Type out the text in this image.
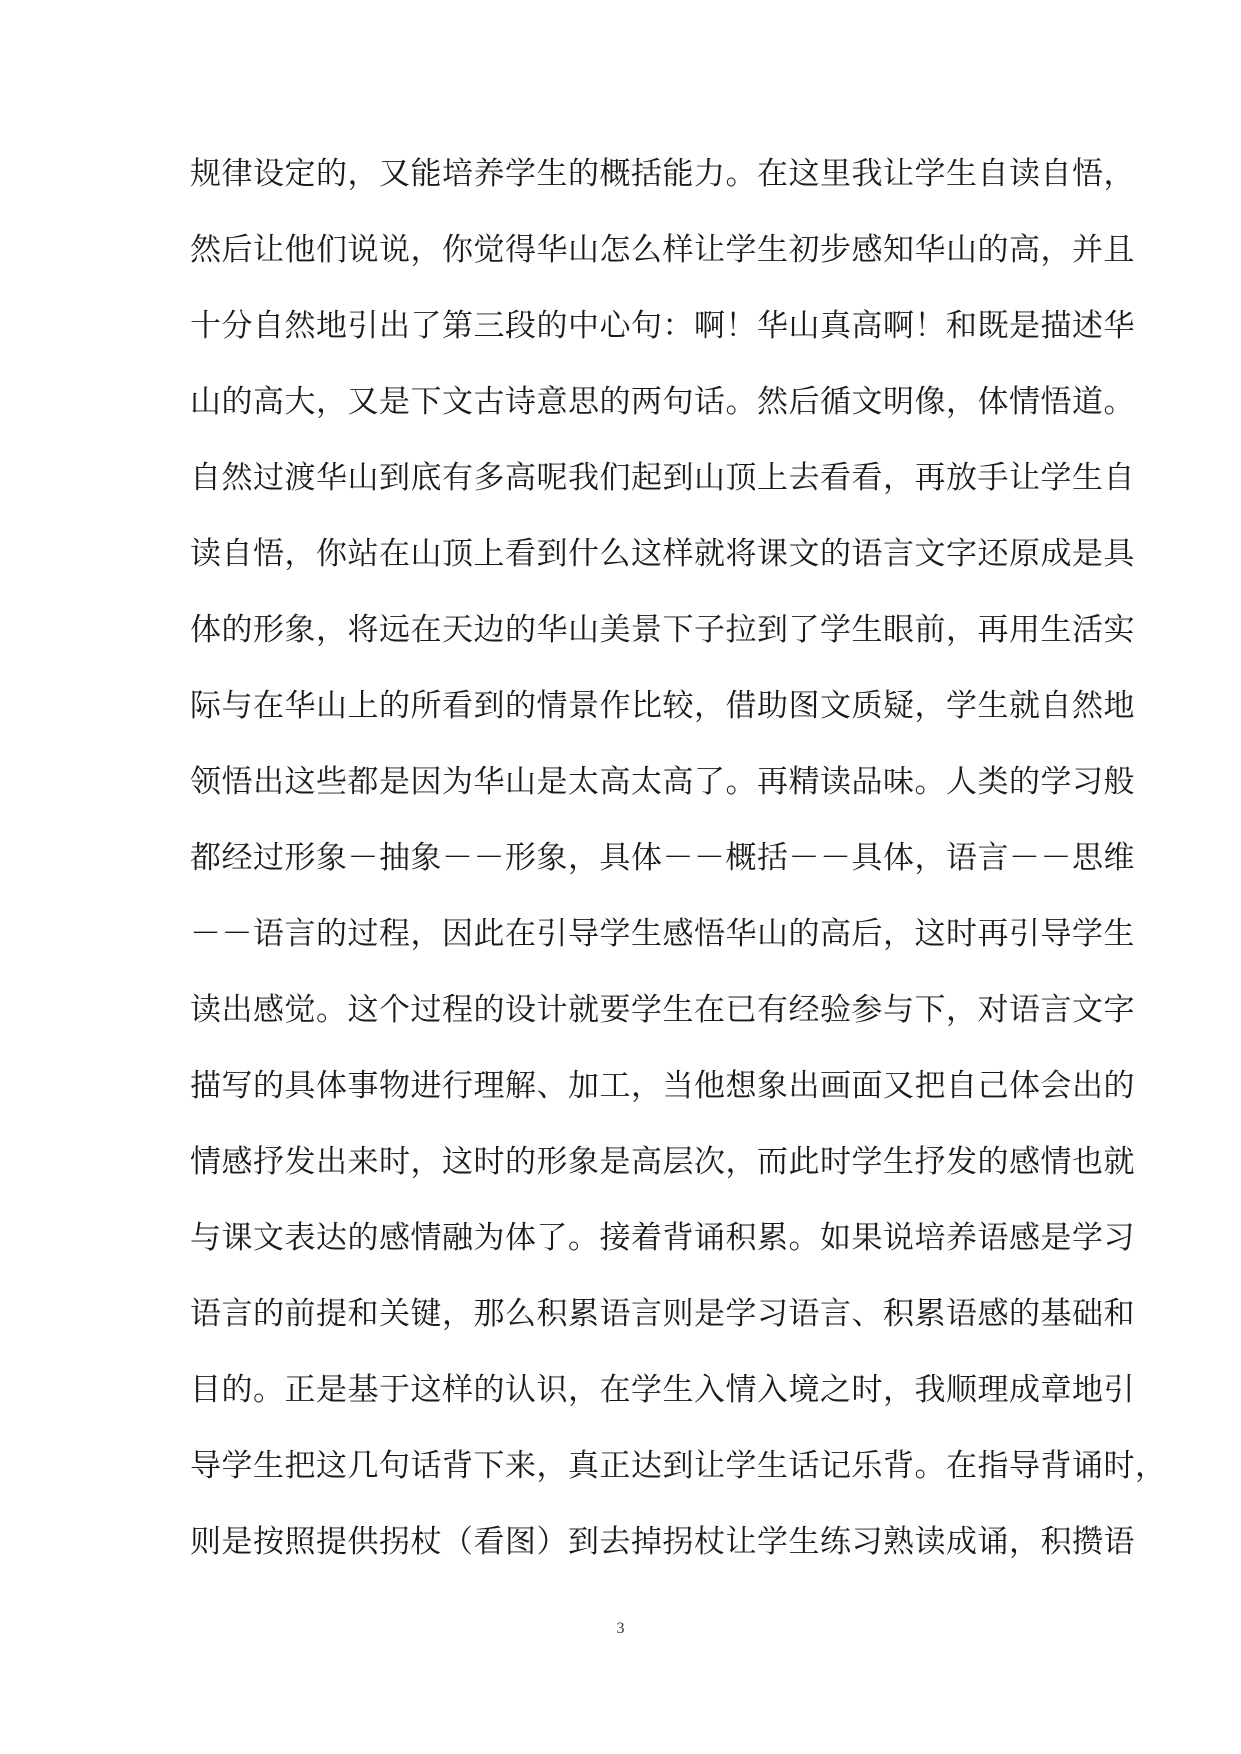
规律设定的，又能培养学生的概括能力。在这里我让学生自读自悟，
然后让他们说说，你觉得华山怎么样让学生初步感知华山的高，并且
十分自然地引出了第三段的中心句：啊！华山真高啊！和既是描述华
山的高大，又是下文古诗意思的两句话。然后循文明像，体情悟道。
自然过渡华山到底有多高呢我们起到山顶上去看看，再放手让学生自
读自悟，你站在山顶上看到什么这样就将课文的语言文字还原成是具
体的形象，将远在天边的华山美景下子拉到了学生眼前，再用生活实
际与在华山上的所看到的情景作比较，借助图文质疑，学生就自然地
领悟出这些都是因为华山是太高太高了。再精读品味。人类的学习般
都经过形象－抽象－－形象，具体－－概括－－具体，语言－－思维
－－语言的过程，因此在引导学生感悟华山的高后，这时再引导学生
读出感觉。这个过程的设计就要学生在已有经验参与下，对语言文字
描写的具体事物进行理解、加工，当他想象出画面又把自己体会出的
情感抒发出来时，这时的形象是高层次，而此时学生抒发的感情也就
与课文表达的感情融为体了。接着背诵积累。如果说培养语感是学习
语言的前提和关键，那么积累语言则是学习语言、积累语感的基础和
目的。正是基于这样的认识，在学生入情入境之时，我顺理成章地引
导学生把这几句话背下来，真正达到让学生话记乐背。在指导背诵时，
则是按照提供拐杖（看图）到去掉拐杖让学生练习熟读成诵，积攒语
3
